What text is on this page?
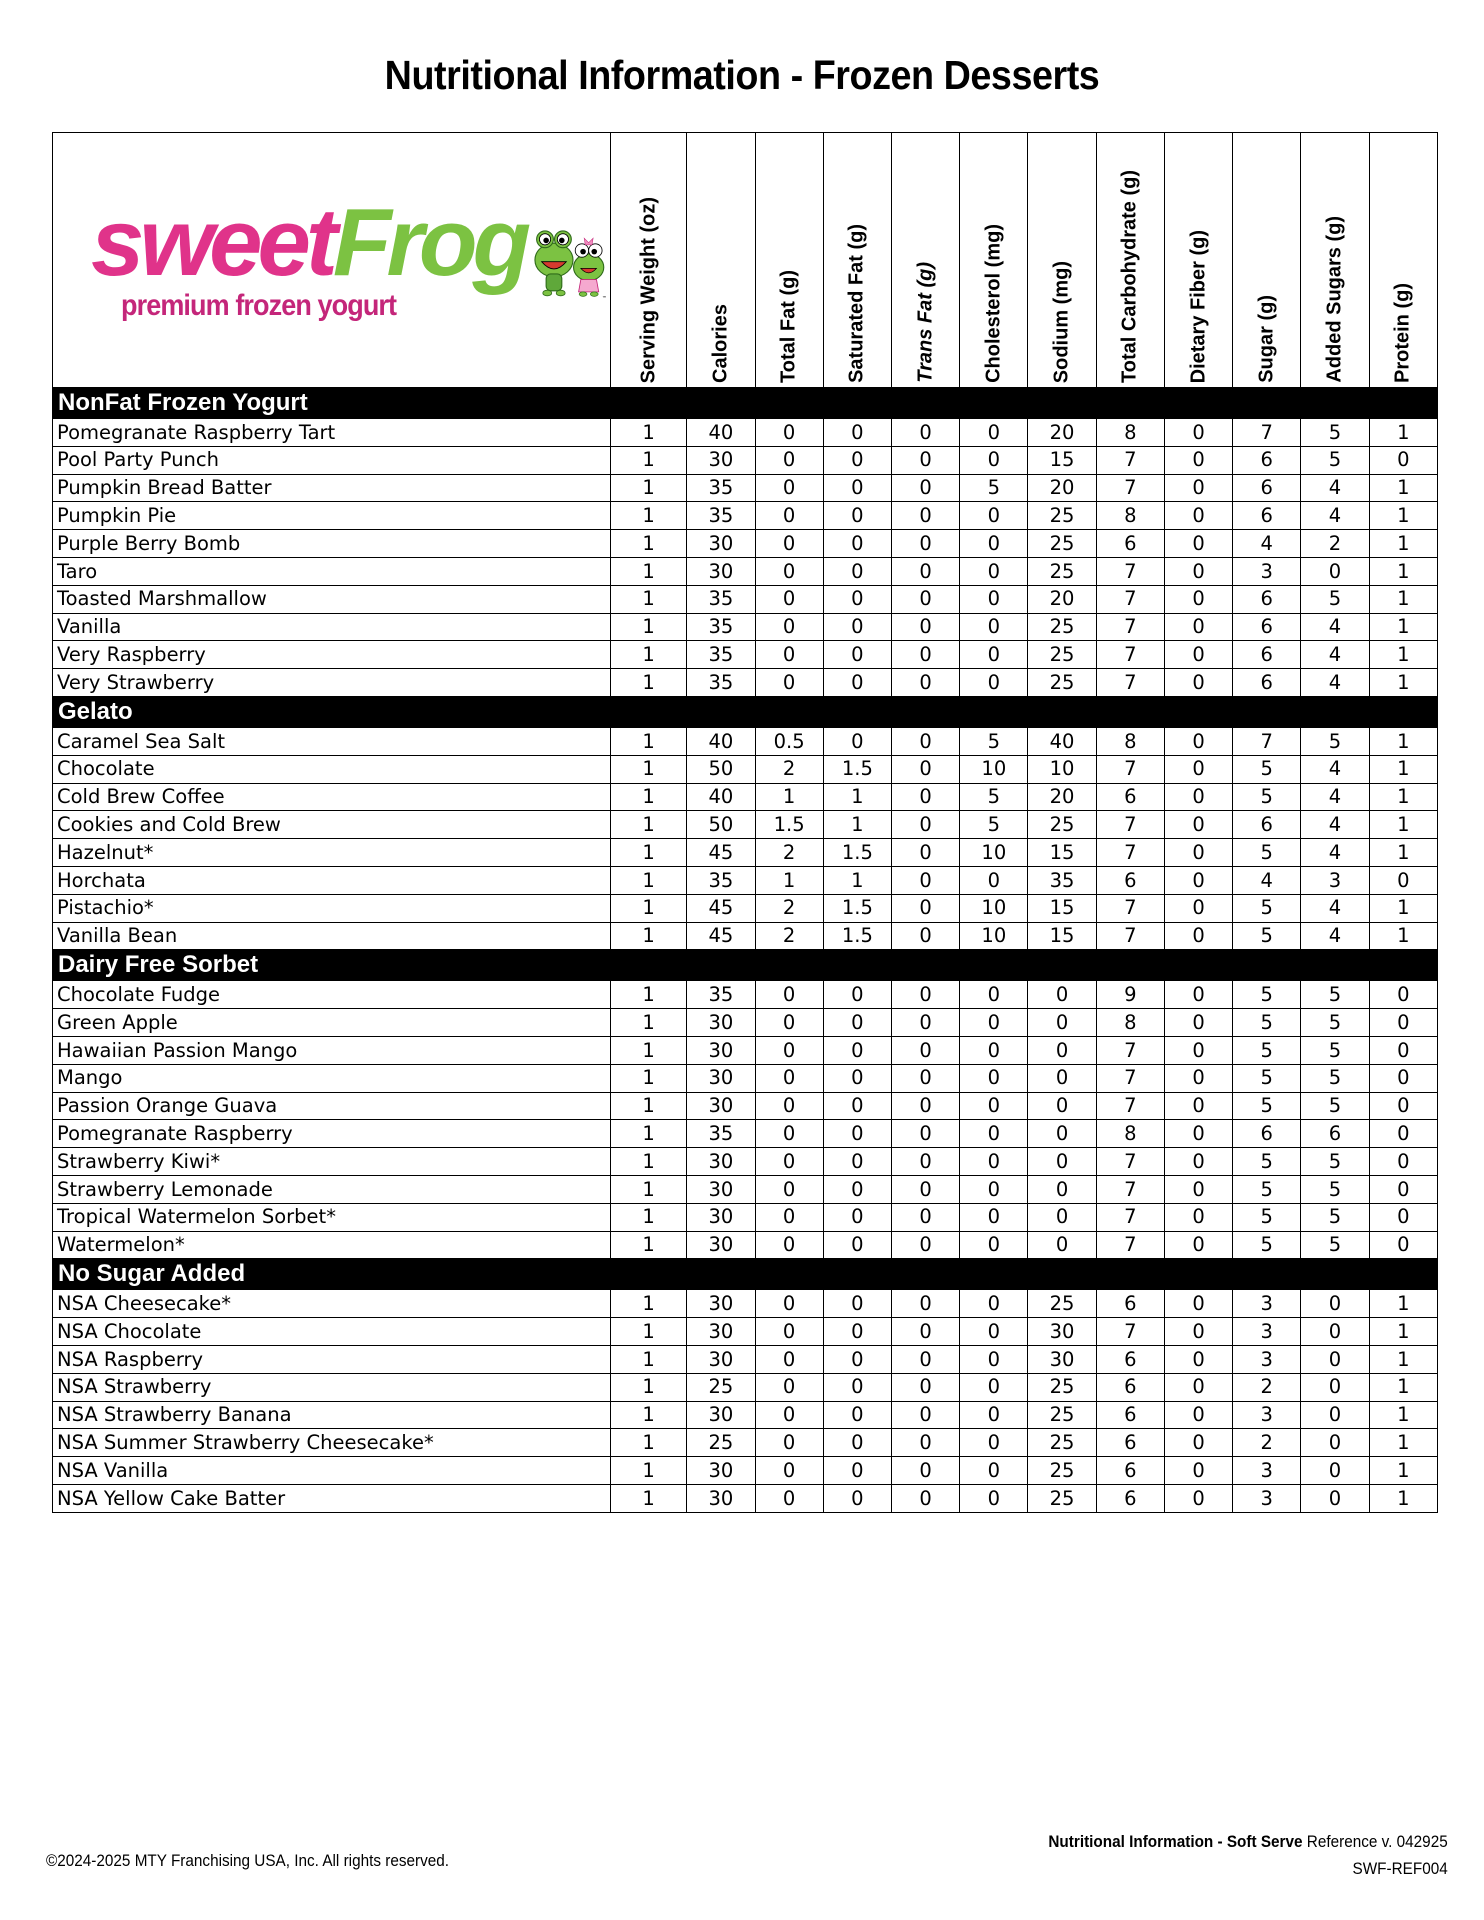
Nutritional Information - Frozen Desserts
sweetFrog
premium frozen yogurt ™	Serving Weight (oz)	Calories	Total Fat (g)	Saturated Fat (g)	Trans Fat (g)	Cholesterol (mg)	Sodium (mg)	Total Carbohydrate (g)	Dietary Fiber (g)	Sugar (g)	Added Sugars (g)	Protein (g)

NonFat Frozen Yogurt												
Pomegranate Raspberry Tart	1	40	0	0	0	0	20	8	0	7	5	1
Pool Party Punch	1	30	0	0	0	0	15	7	0	6	5	0
Pumpkin Bread Batter	1	35	0	0	0	5	20	7	0	6	4	1
Pumpkin Pie	1	35	0	0	0	0	25	8	0	6	4	1
Purple Berry Bomb	1	30	0	0	0	0	25	6	0	4	2	1
Taro	1	30	0	0	0	0	25	7	0	3	0	1
Toasted Marshmallow	1	35	0	0	0	0	20	7	0	6	5	1
Vanilla	1	35	0	0	0	0	25	7	0	6	4	1
Very Raspberry	1	35	0	0	0	0	25	7	0	6	4	1
Very Strawberry	1	35	0	0	0	0	25	7	0	6	4	1
Gelato												
Caramel Sea Salt	1	40	0.5	0	0	5	40	8	0	7	5	1
Chocolate	1	50	2	1.5	0	10	10	7	0	5	4	1
Cold Brew Coffee	1	40	1	1	0	5	20	6	0	5	4	1
Cookies and Cold Brew	1	50	1.5	1	0	5	25	7	0	6	4	1
Hazelnut*	1	45	2	1.5	0	10	15	7	0	5	4	1
Horchata	1	35	1	1	0	0	35	6	0	4	3	0
Pistachio*	1	45	2	1.5	0	10	15	7	0	5	4	1
Vanilla Bean	1	45	2	1.5	0	10	15	7	0	5	4	1
Dairy Free Sorbet												
Chocolate Fudge	1	35	0	0	0	0	0	9	0	5	5	0
Green Apple	1	30	0	0	0	0	0	8	0	5	5	0
Hawaiian Passion Mango	1	30	0	0	0	0	0	7	0	5	5	0
Mango	1	30	0	0	0	0	0	7	0	5	5	0
Passion Orange Guava	1	30	0	0	0	0	0	7	0	5	5	0
Pomegranate Raspberry	1	35	0	0	0	0	0	8	0	6	6	0
Strawberry Kiwi*	1	30	0	0	0	0	0	7	0	5	5	0
Strawberry Lemonade	1	30	0	0	0	0	0	7	0	5	5	0
Tropical Watermelon Sorbet*	1	30	0	0	0	0	0	7	0	5	5	0
Watermelon*	1	30	0	0	0	0	0	7	0	5	5	0
No Sugar Added												
NSA Cheesecake*	1	30	0	0	0	0	25	6	0	3	0	1
NSA Chocolate	1	30	0	0	0	0	30	7	0	3	0	1
NSA Raspberry	1	30	0	0	0	0	30	6	0	3	0	1
NSA Strawberry	1	25	0	0	0	0	25	6	0	2	0	1
NSA Strawberry Banana	1	30	0	0	0	0	25	6	0	3	0	1
NSA Summer Strawberry Cheesecake*	1	25	0	0	0	0	25	6	0	2	0	1
NSA Vanilla	1	30	0	0	0	0	25	6	0	3	0	1
NSA Yellow Cake Batter	1	30	0	0	0	0	25	6	0	3	0	1
©2024-2025 MTY Franchising USA, Inc. All rights reserved.
Nutritional Information - Soft Serve Reference v. 042925
SWF-REF004
